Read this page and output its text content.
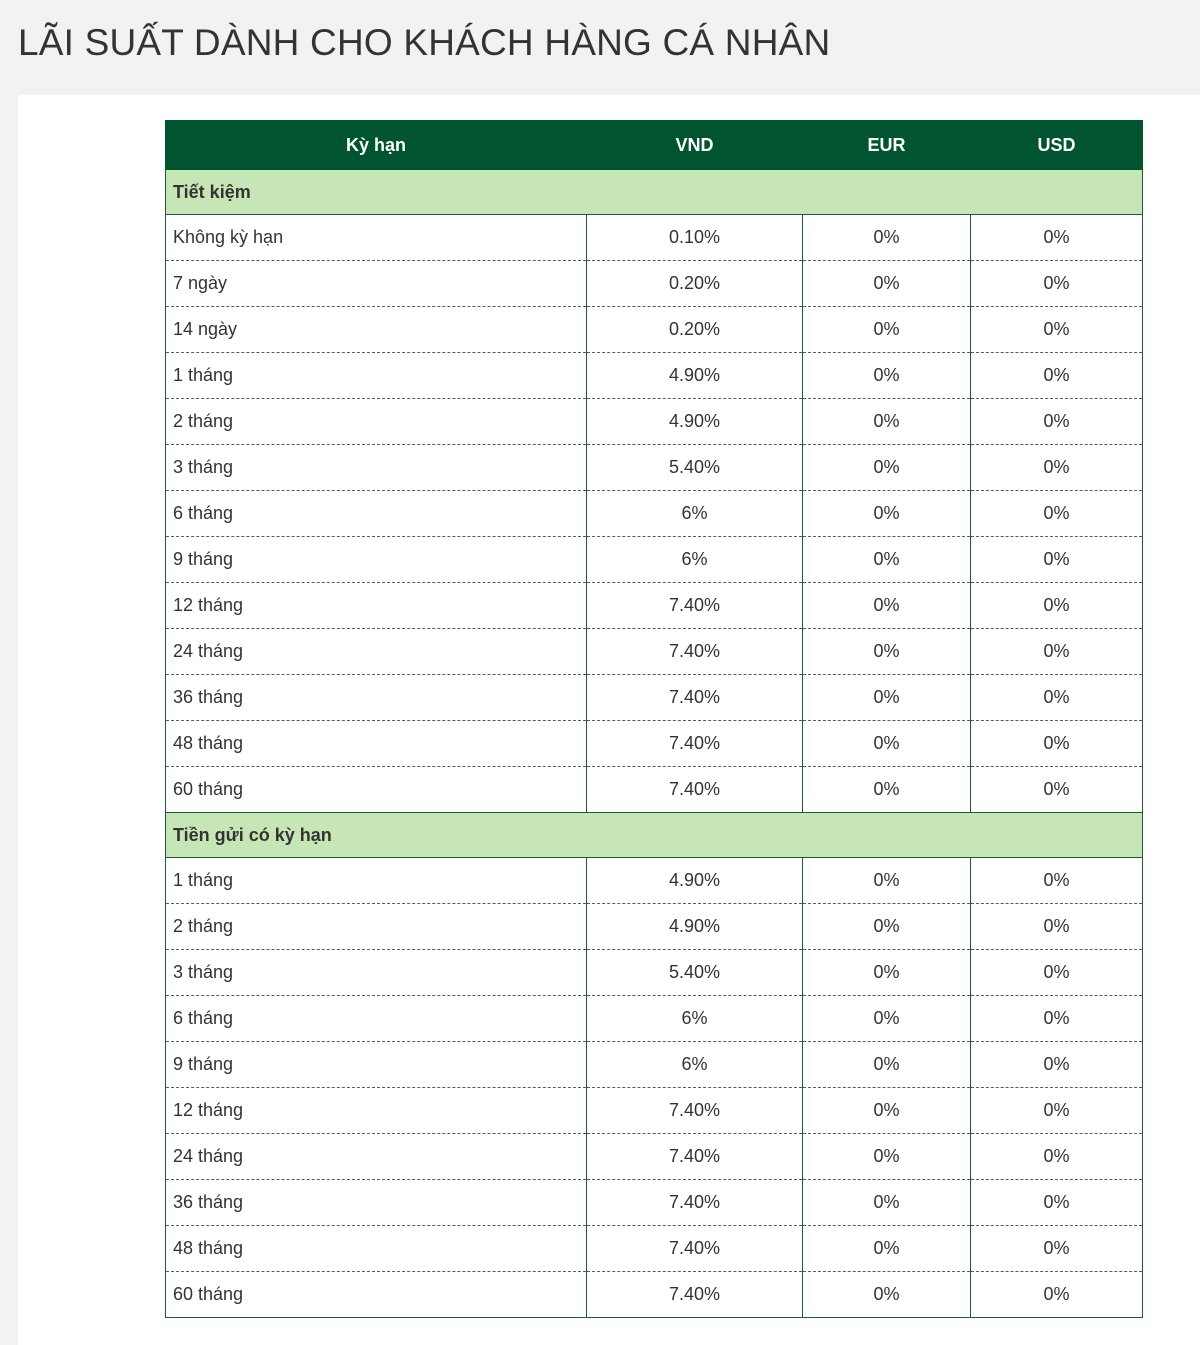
LÃI SUẤT DÀNH CHO KHÁCH HÀNG CÁ NHÂN
Kỳ hạn	VND	EUR	USD
Tiết kiệm			
Không kỳ hạn	0.10%	0%	0%
7 ngày	0.20%	0%	0%
14 ngày	0.20%	0%	0%
1 tháng	4.90%	0%	0%
2 tháng	4.90%	0%	0%
3 tháng	5.40%	0%	0%
6 tháng	6%	0%	0%
9 tháng	6%	0%	0%
12 tháng	7.40%	0%	0%
24 tháng	7.40%	0%	0%
36 tháng	7.40%	0%	0%
48 tháng	7.40%	0%	0%
60 tháng	7.40%	0%	0%
Tiền gửi có kỳ hạn			
1 tháng	4.90%	0%	0%
2 tháng	4.90%	0%	0%
3 tháng	5.40%	0%	0%
6 tháng	6%	0%	0%
9 tháng	6%	0%	0%
12 tháng	7.40%	0%	0%
24 tháng	7.40%	0%	0%
36 tháng	7.40%	0%	0%
48 tháng	7.40%	0%	0%
60 tháng	7.40%	0%	0%
